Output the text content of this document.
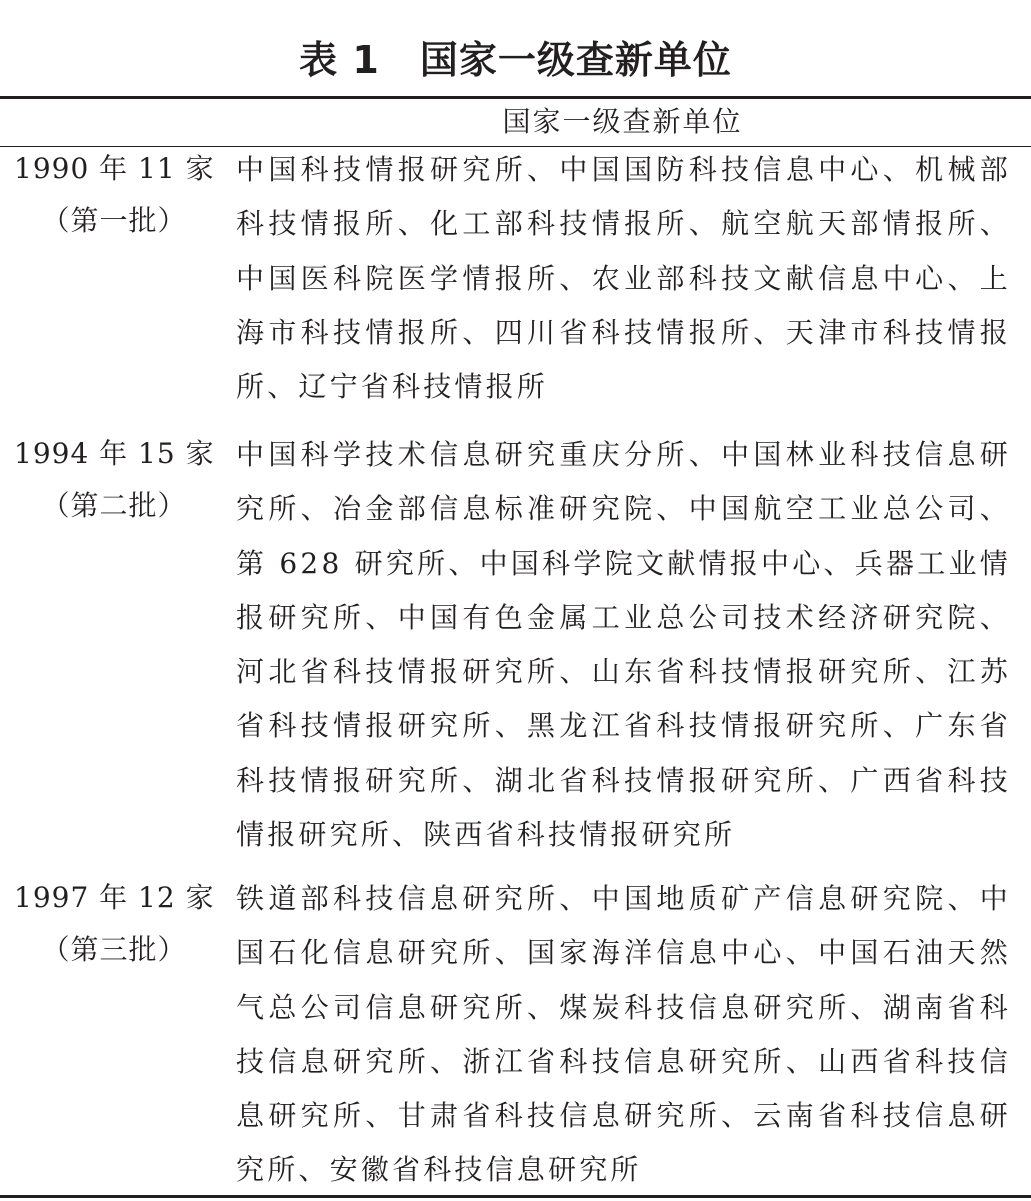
表 1 国家一级查新单位
国家一级查新单位
1990 年 11 家
（第一批）
中国科技情报研究所、中国国防科技信息中心、机械部科技情报所、化工部科技情报所、航空航天部情报所、中国医科院医学情报所、农业部科技文献信息中心、上海市科技情报所、四川省科技情报所、天津市科技情报所、辽宁省科技情报所
1994 年 15 家
（第二批）
中国科学技术信息研究重庆分所、中国林业科技信息研究所、冶金部信息标准研究院、中国航空工业总公司、第 628 研究所、中国科学院文献情报中心、兵器工业情报研究所、中国有色金属工业总公司技术经济研究院、河北省科技情报研究所、山东省科技情报研究所、江苏省科技情报研究所、黑龙江省科技情报研究所、广东省科技情报研究所、湖北省科技情报研究所、广西省科技情报研究所、陕西省科技情报研究所
1997 年 12 家
（第三批）
铁道部科技信息研究所、中国地质矿产信息研究院、中国石化信息研究所、国家海洋信息中心、中国石油天然气总公司信息研究所、煤炭科技信息研究所、湖南省科技信息研究所、浙江省科技信息研究所、山西省科技信息研究所、甘肃省科技信息研究所、云南省科技信息研究所、安徽省科技信息研究所
